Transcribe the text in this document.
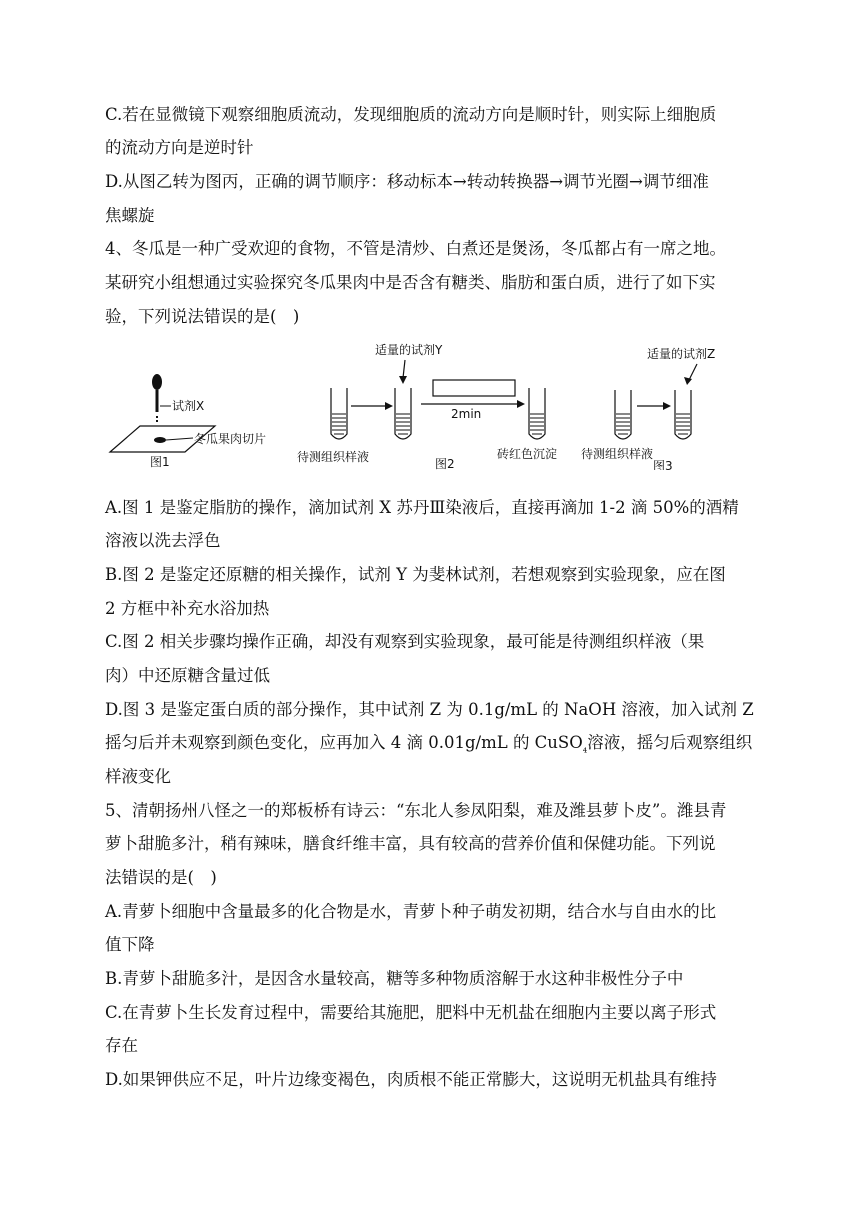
C.若在显微镜下观察细胞质流动，发现细胞质的流动方向是顺时针，则实际上细胞质
的流动方向是逆时针
D.从图乙转为图丙，正确的调节顺序：移动标本→转动转换器→调节光圈→调节细准
焦螺旋
4、冬瓜是一种广受欢迎的食物，不管是清炒、白煮还是煲汤，冬瓜都占有一席之地。
某研究小组想通过实验探究冬瓜果肉中是否含有糖类、脂肪和蛋白质，进行了如下实
验，下列说法错误的是(　)
试剂X
冬瓜果肉切片
图1	待测组织样液
适量的试剂Y
2min
砖红色沉淀
图2
适量的试剂Z
待测组织样液
图3
A.图 1 是鉴定脂肪的操作，滴加试剂 X 苏丹Ⅲ染液后，直接再滴加 1-2 滴 50%的酒精
溶液以洗去浮色
B.图 2 是鉴定还原糖的相关操作，试剂 Y 为斐林试剂，若想观察到实验现象，应在图
2 方框中补充水浴加热
C.图 2 相关步骤均操作正确，却没有观察到实验现象，最可能是待测组织样液（果
肉）中还原糖含量过低
D.图 3 是鉴定蛋白质的部分操作，其中试剂 Z 为 0.1g/mL 的 NaOH 溶液，加入试剂 Z
摇匀后并未观察到颜色变化，应再加入 4 滴 0.01g/mL 的 CuSO$_{_4}$溶液，摇匀后观察组织
样液变化
5、清朝扬州八怪之一的郑板桥有诗云：“东北人参凤阳梨，难及潍县萝卜皮”。潍县青
萝卜甜脆多汁，稍有辣味，膳食纤维丰富，具有较高的营养价值和保健功能。下列说
法错误的是(　)
A.青萝卜细胞中含量最多的化合物是水，青萝卜种子萌发初期，结合水与自由水的比
值下降
B.青萝卜甜脆多汁，是因含水量较高，糖等多种物质溶解于水这种非极性分子中
C.在青萝卜生长发育过程中，需要给其施肥，肥料中无机盐在细胞内主要以离子形式
存在
D.如果钾供应不足，叶片边缘变褐色，肉质根不能正常膨大，这说明无机盐具有维持
